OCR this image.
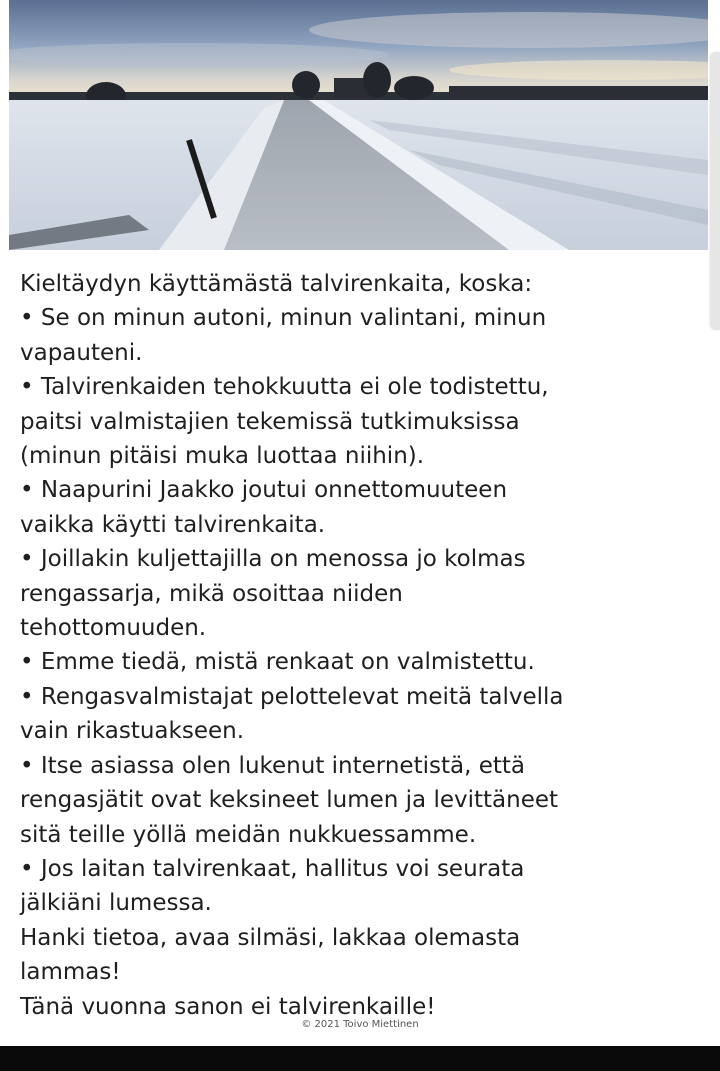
Kieltäydyn käyttämästä talvirenkaita, koska:
• Se on minun autoni, minun valintani, minun
vapauteni.
• Talvirenkaiden tehokkuutta ei ole todistettu,
paitsi valmistajien tekemissä tutkimuksissa
(minun pitäisi muka luottaa niihin).
• Naapurini Jaakko joutui onnettomuuteen
vaikka käytti talvirenkaita.
• Joillakin kuljettajilla on menossa jo kolmas
rengassarja, mikä osoittaa niiden
tehottomuuden.
• Emme tiedä, mistä renkaat on valmistettu.
• Rengasvalmistajat pelottelevat meitä talvella
vain rikastuakseen.
• Itse asiassa olen lukenut internetistä, että
rengasjätit ovat keksineet lumen ja levittäneet
sitä teille yöllä meidän nukkuessamme.
• Jos laitan talvirenkaat, hallitus voi seurata
jälkiäni lumessa.
Hanki tietoa, avaa silmäsi, lakkaa olemasta
lammas!
Tänä vuonna sanon ei talvirenkaille!
© 2021 Toivo Miettinen
